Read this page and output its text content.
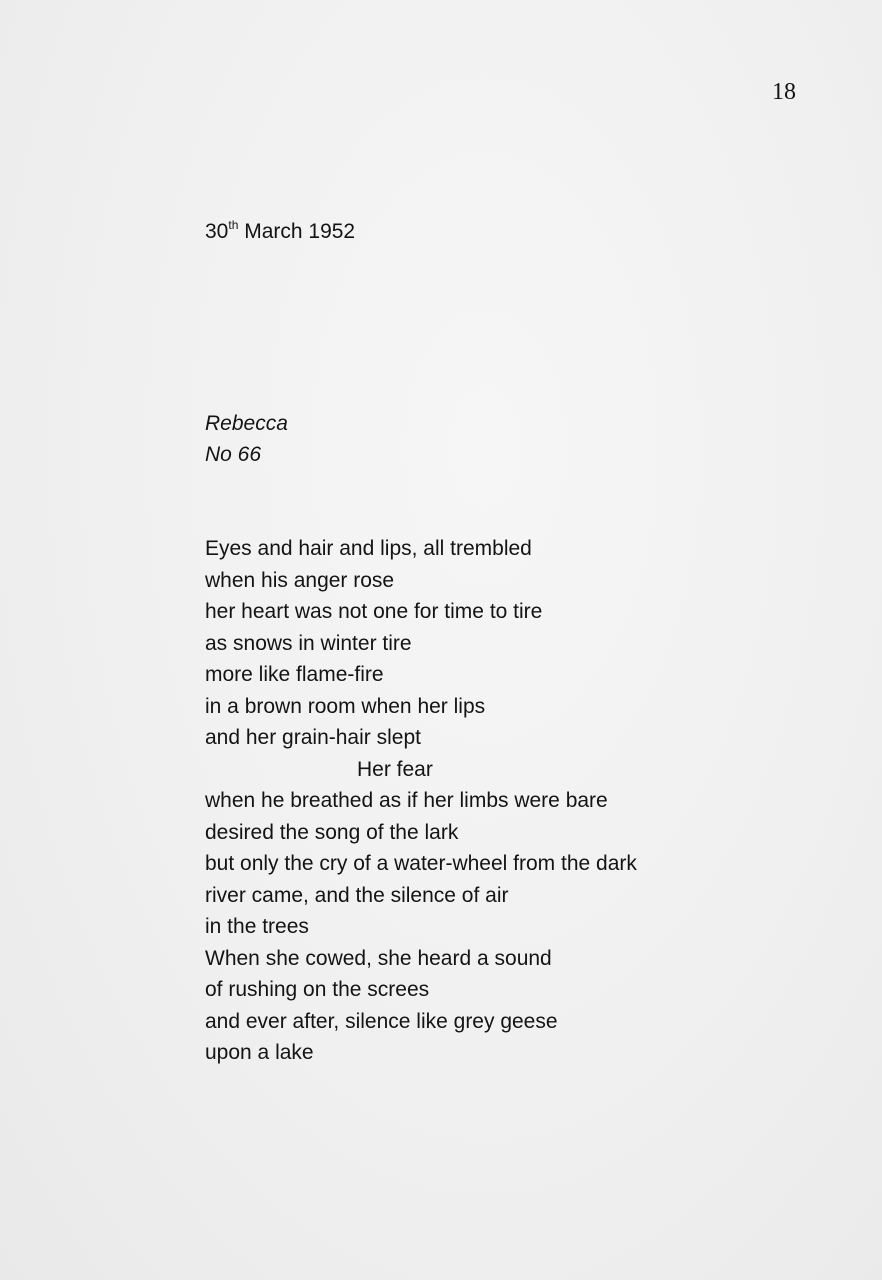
18
30th March 1952
Rebecca
No 66
Eyes and hair and lips, all trembled
when his anger rose
her heart was not one for time to tire
as snows in winter tire
more like flame-fire
in a brown room when her lips
and her grain-hair slept
Her fear
when he breathed as if her limbs were bare
desired the song of the lark
but only the cry of a water-wheel from the dark
river came, and the silence of air
in the trees
When she cowed, she heard a sound
of rushing on the screes
and ever after, silence like grey geese
upon a lake
